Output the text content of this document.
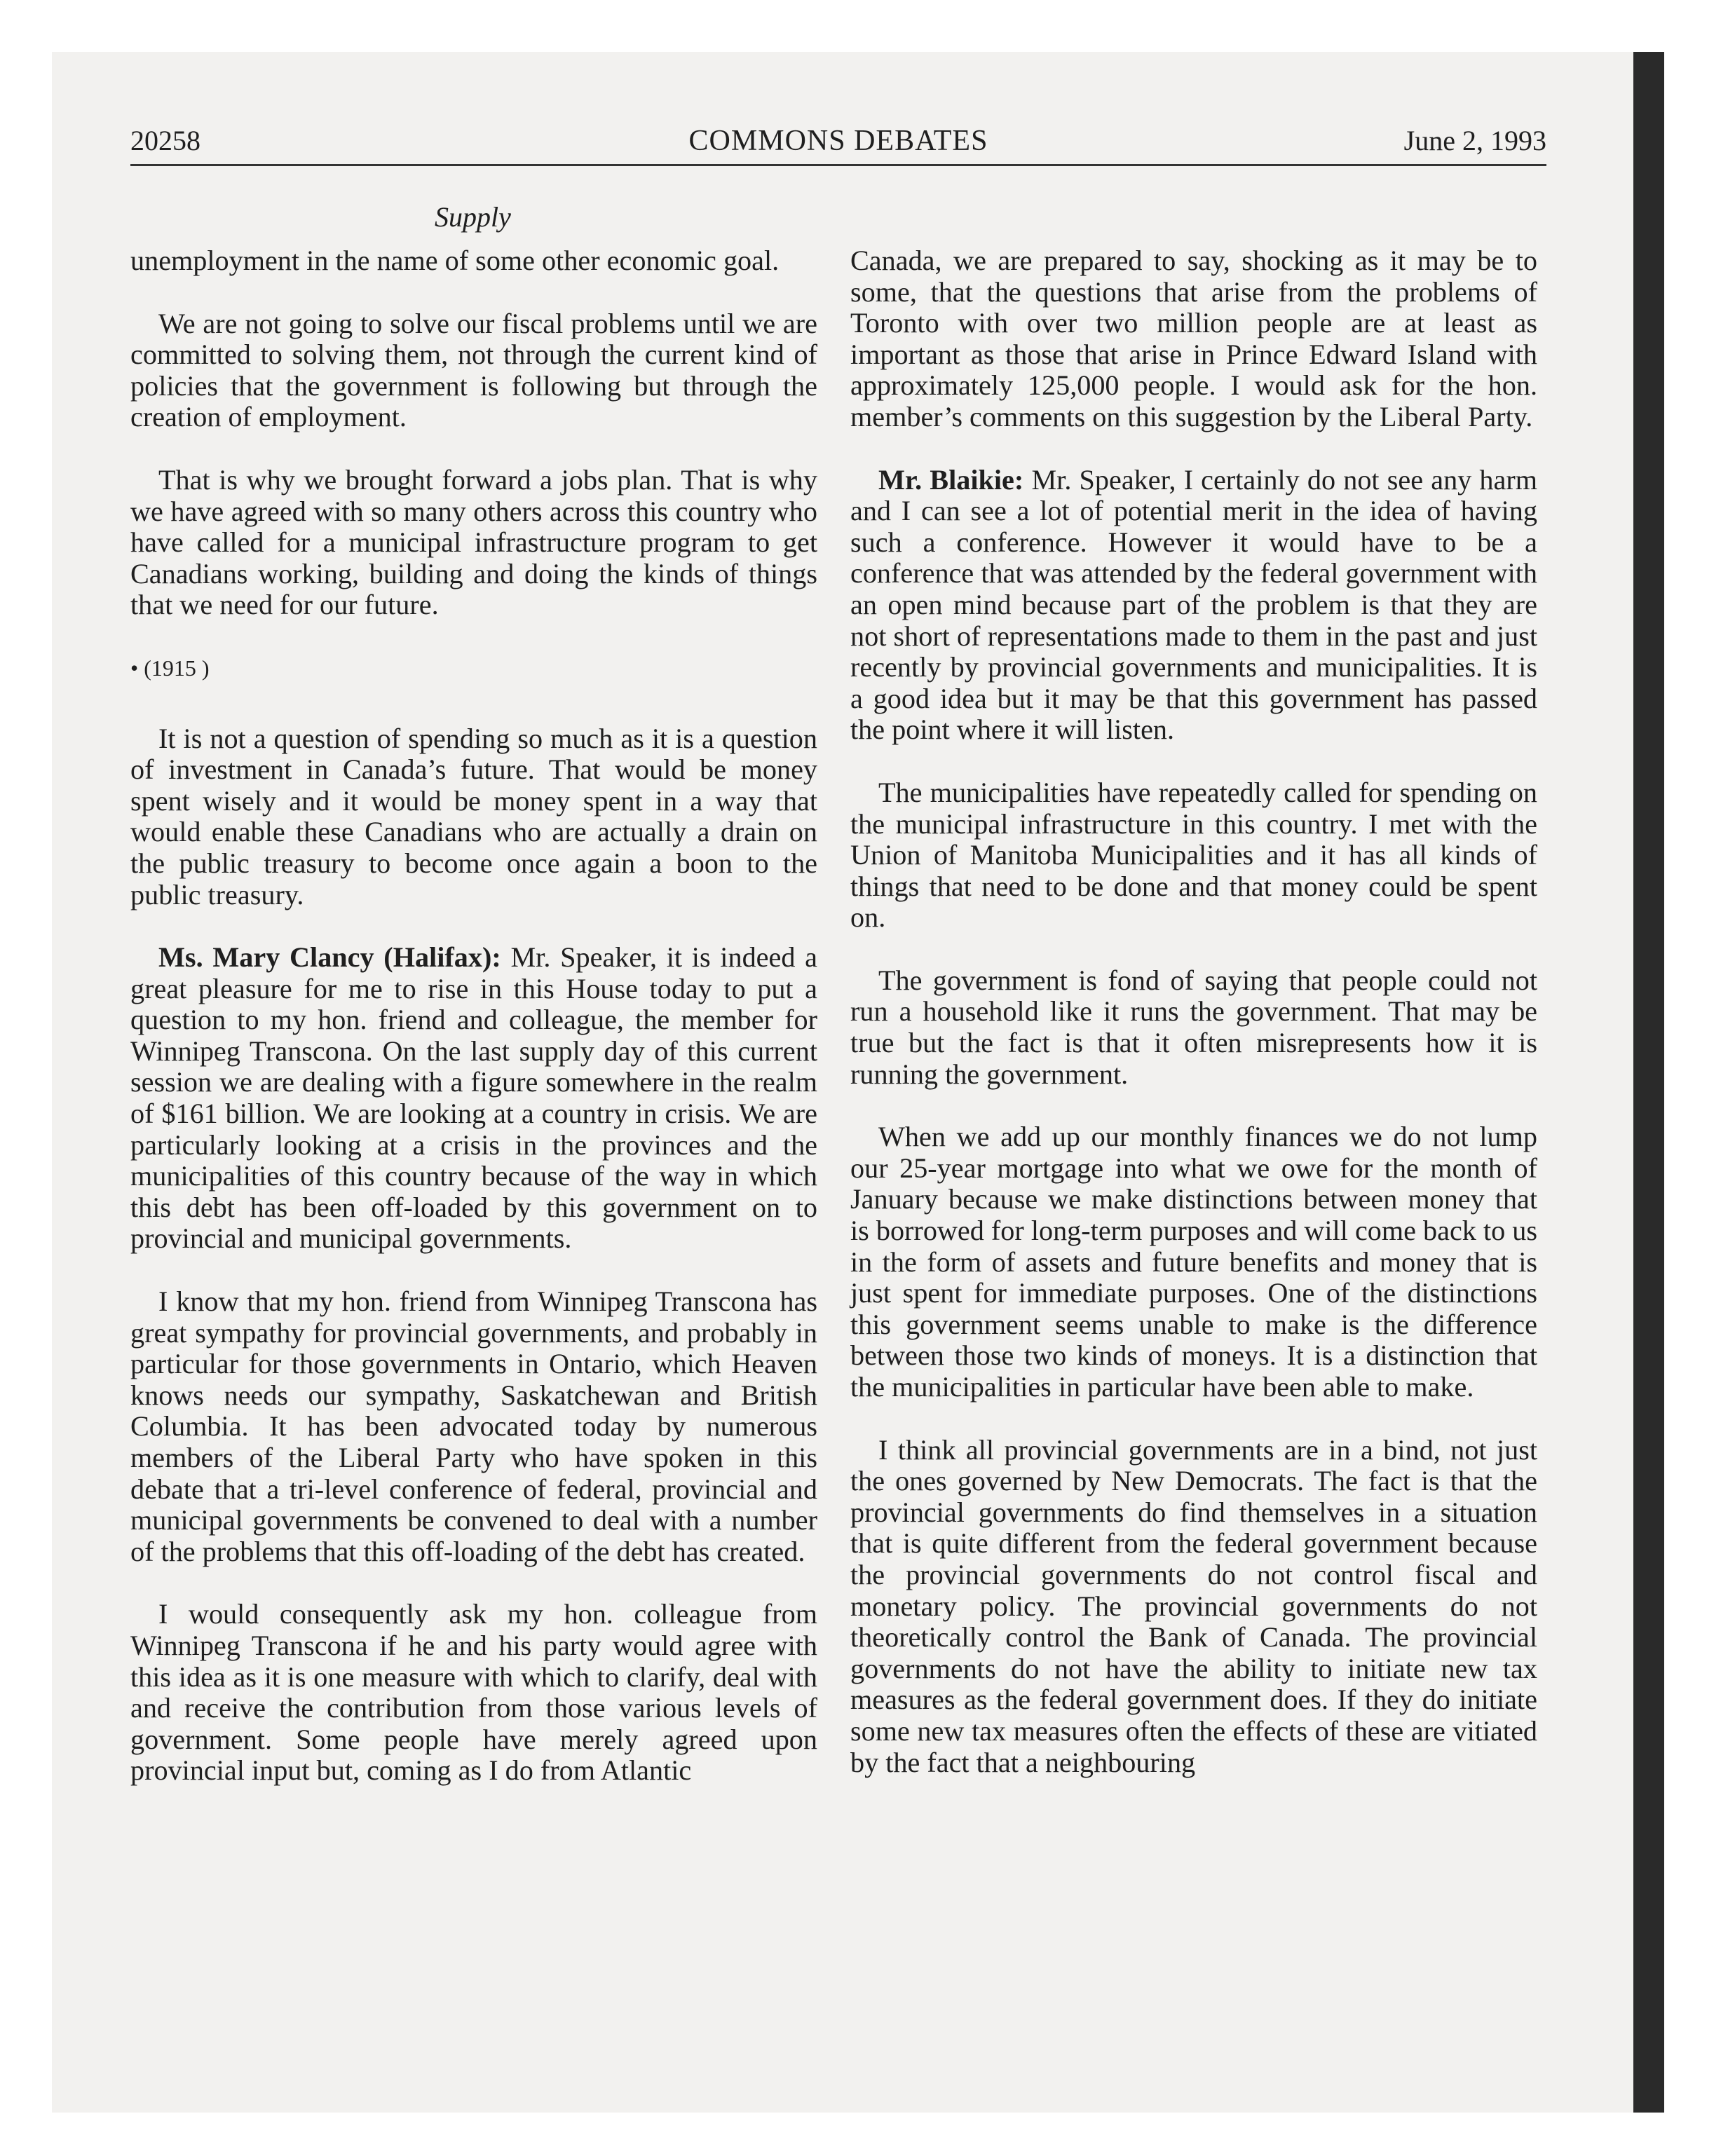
20258	COMMONS DEBATES	June 2, 1993
Supply

unemployment in the name of some other economic goal.

We are not going to solve our fiscal problems until we are committed to solving them, not through the current kind of policies that the government is following but through the creation of employment.

That is why we brought forward a jobs plan. That is why we have agreed with so many others across this country who have called for a municipal infrastructure program to get Canadians working, building and doing the kinds of things that we need for our future.

• (1915 )

It is not a question of spending so much as it is a question of investment in Canada’s future. That would be money spent wisely and it would be money spent in a way that would enable these Canadians who are actually a drain on the public treasury to become once again a boon to the public treasury.

Ms. Mary Clancy (Halifax): Mr. Speaker, it is indeed a great pleasure for me to rise in this House today to put a question to my hon. friend and colleague, the member for Winnipeg Transcona. On the last supply day of this current session we are dealing with a figure somewhere in the realm of $161 billion. We are looking at a country in crisis. We are particularly looking at a crisis in the provinces and the municipalities of this country because of the way in which this debt has been off-loaded by this government on to provincial and municipal governments.

I know that my hon. friend from Winnipeg Transcona has great sympathy for provincial governments, and probably in particular for those governments in Ontario, which Heaven knows needs our sympathy, Saskatchewan and British Columbia. It has been advocated today by numerous members of the Liberal Party who have spoken in this debate that a tri-level conference of federal, provincial and municipal governments be convened to deal with a number of the problems that this off-loading of the debt has created.

I would consequently ask my hon. colleague from Winnipeg Transcona if he and his party would agree with this idea as it is one measure with which to clarify, deal with and receive the contribution from those various levels of government. Some people have merely agreed upon provincial input but, coming as I do from Atlantic

Canada, we are prepared to say, shocking as it may be to some, that the questions that arise from the problems of Toronto with over two million people are at least as important as those that arise in Prince Edward Island with approximately 125,000 people. I would ask for the hon. member’s comments on this suggestion by the Liberal Party.

Mr. Blaikie: Mr. Speaker, I certainly do not see any harm and I can see a lot of potential merit in the idea of having such a conference. However it would have to be a conference that was attended by the federal government with an open mind because part of the problem is that they are not short of representations made to them in the past and just recently by provincial governments and municipalities. It is a good idea but it may be that this government has passed the point where it will listen.

The municipalities have repeatedly called for spending on the municipal infrastructure in this country. I met with the Union of Manitoba Municipalities and it has all kinds of things that need to be done and that money could be spent on.

The government is fond of saying that people could not run a household like it runs the government. That may be true but the fact is that it often misrepresents how it is running the government.

When we add up our monthly finances we do not lump our 25-year mortgage into what we owe for the month of January because we make distinctions between money that is borrowed for long-term purposes and will come back to us in the form of assets and future benefits and money that is just spent for immediate purposes. One of the distinctions this government seems unable to make is the difference between those two kinds of moneys. It is a distinction that the municipalities in particular have been able to make.

I think all provincial governments are in a bind, not just the ones governed by New Democrats. The fact is that the provincial governments do find themselves in a situation that is quite different from the federal government because the provincial governments do not control fiscal and monetary policy. The provincial governments do not theoretically control the Bank of Canada. The provincial governments do not have the ability to initiate new tax measures as the federal government does. If they do initiate some new tax measures often the effects of these are vitiated by the fact that a neighbouring
